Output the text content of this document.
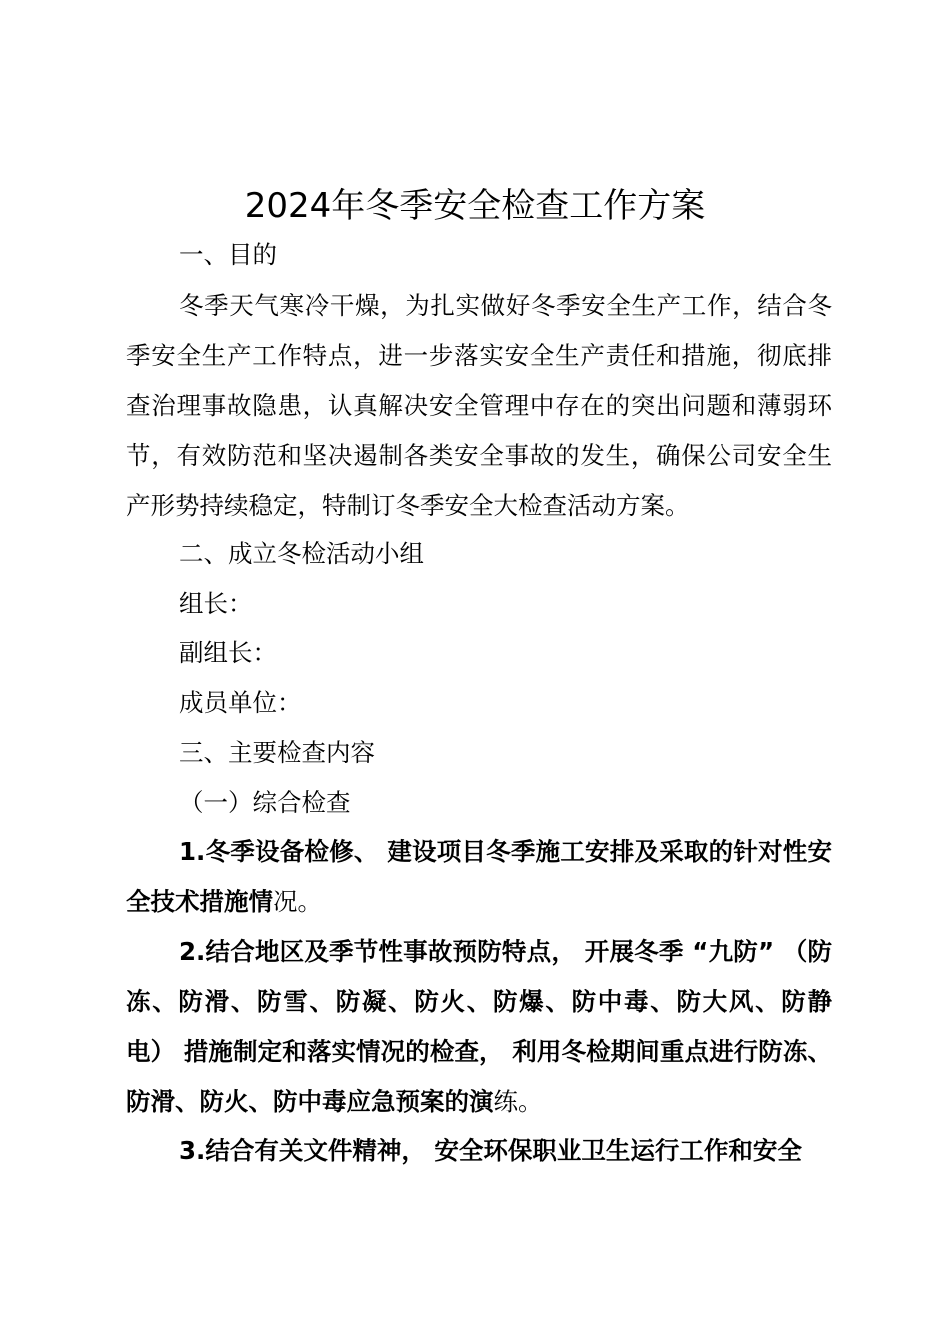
2024年冬季安全检查工作方案

一、目的

冬季天气寒冷干燥，为扎实做好冬季安全生产工作，结合冬季安全生产工作特点，进一步落实安全生产责任和措施，彻底排查治理事故隐患，认真解决安全管理中存在的突出问题和薄弱环节，有效防范和坚决遏制各类安全事故的发生，确保公司安全生产形势持续稳定，特制订冬季安全大检查活动方案。

二、成立冬检活动小组

组长：

副组长：

成员单位：

三、主要检查内容

（一）综合检查

1.冬季设备检修、 建设项目冬季施工安排及采取的针对性安全技术措施情况。

2.结合地区及季节性事故预防特点， 开展冬季 “九防” （防冻、防滑、防雪、防凝、防火、防爆、防中毒、防大风、防静电） 措施制定和落实情况的检查， 利用冬检期间重点进行防冻、防滑、防火、防中毒应急预案的演练。

3.结合有关文件精神， 安全环保职业卫生运行工作和安全
